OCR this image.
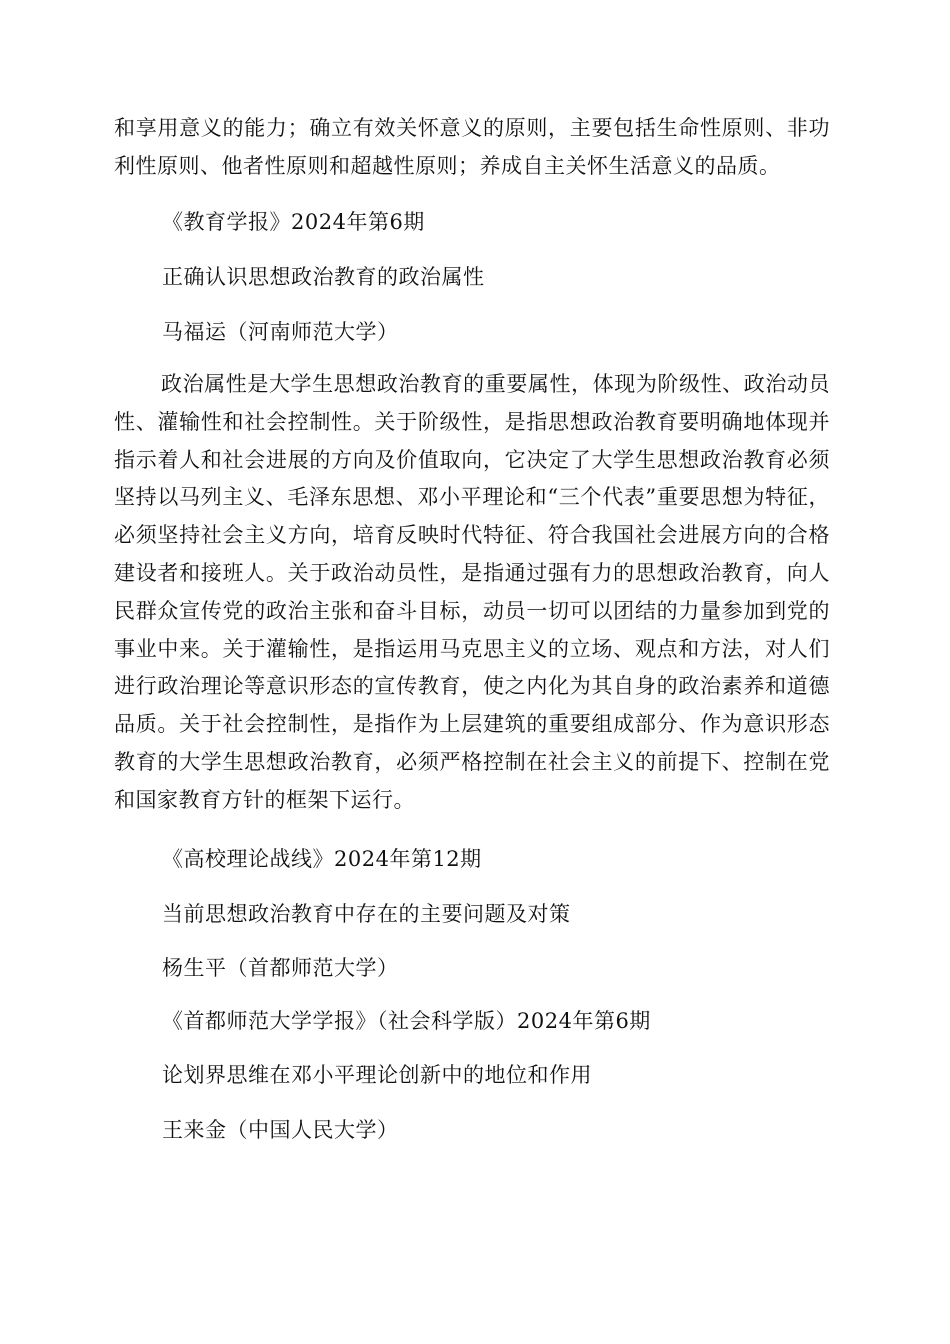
和享用意义的能力；确立有效关怀意义的原则，主要包括生命性原则、非功利性原则、他者性原则和超越性原则；养成自主关怀生活意义的品质。
《教育学报》2024年第6期
正确认识思想政治教育的政治属性
马福运（河南师范大学）
政治属性是大学生思想政治教育的重要属性，体现为阶级性、政治动员性、灌输性和社会控制性。关于阶级性，是指思想政治教育要明确地体现并指示着人和社会进展的方向及价值取向，它决定了大学生思想政治教育必须坚持以马列主义、毛泽东思想、邓小平理论和“三个代表”重要思想为特征，必须坚持社会主义方向，培育反映时代特征、符合我国社会进展方向的合格建设者和接班人。关于政治动员性，是指通过强有力的思想政治教育，向人民群众宣传党的政治主张和奋斗目标，动员一切可以团结的力量参加到党的事业中来。关于灌输性，是指运用马克思主义的立场、观点和方法，对人们进行政治理论等意识形态的宣传教育，使之内化为其自身的政治素养和道德品质。关于社会控制性，是指作为上层建筑的重要组成部分、作为意识形态教育的大学生思想政治教育，必须严格控制在社会主义的前提下、控制在党和国家教育方针的框架下运行。
《高校理论战线》2024年第12期
当前思想政治教育中存在的主要问题及对策
杨生平（首都师范大学）
《首都师范大学学报》（社会科学版）2024年第6期
论划界思维在邓小平理论创新中的地位和作用
王来金（中国人民大学）
